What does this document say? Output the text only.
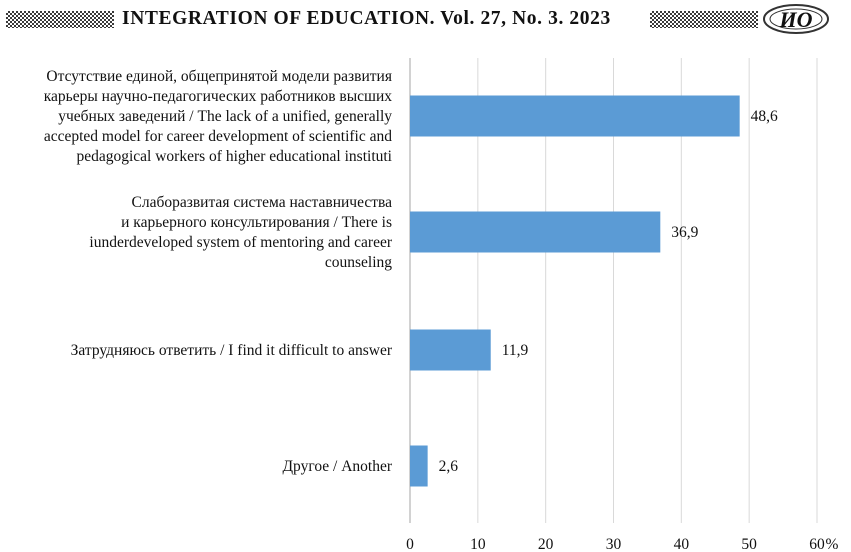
INTEGRATION OF EDUCATION. Vol. 27, No. 3. 2023	ИО
48,6
Отсутствие единой, общепринятой модели развития
карьеры научно-педагогических работников высших
учебных заведений / The lack of a unified, generally
accepted model for career development of scientific and
pedagogical workers of higher educational instituti
36,9
Слаборазвитая система наставничества
и карьерного консультирования / There is
iunderdeveloped system of mentoring and career
counseling
11,9
Затрудняюсь ответить / I find it difficult to answer
2,6
Другое / Another
0	10	20	30	40	50	60 %
